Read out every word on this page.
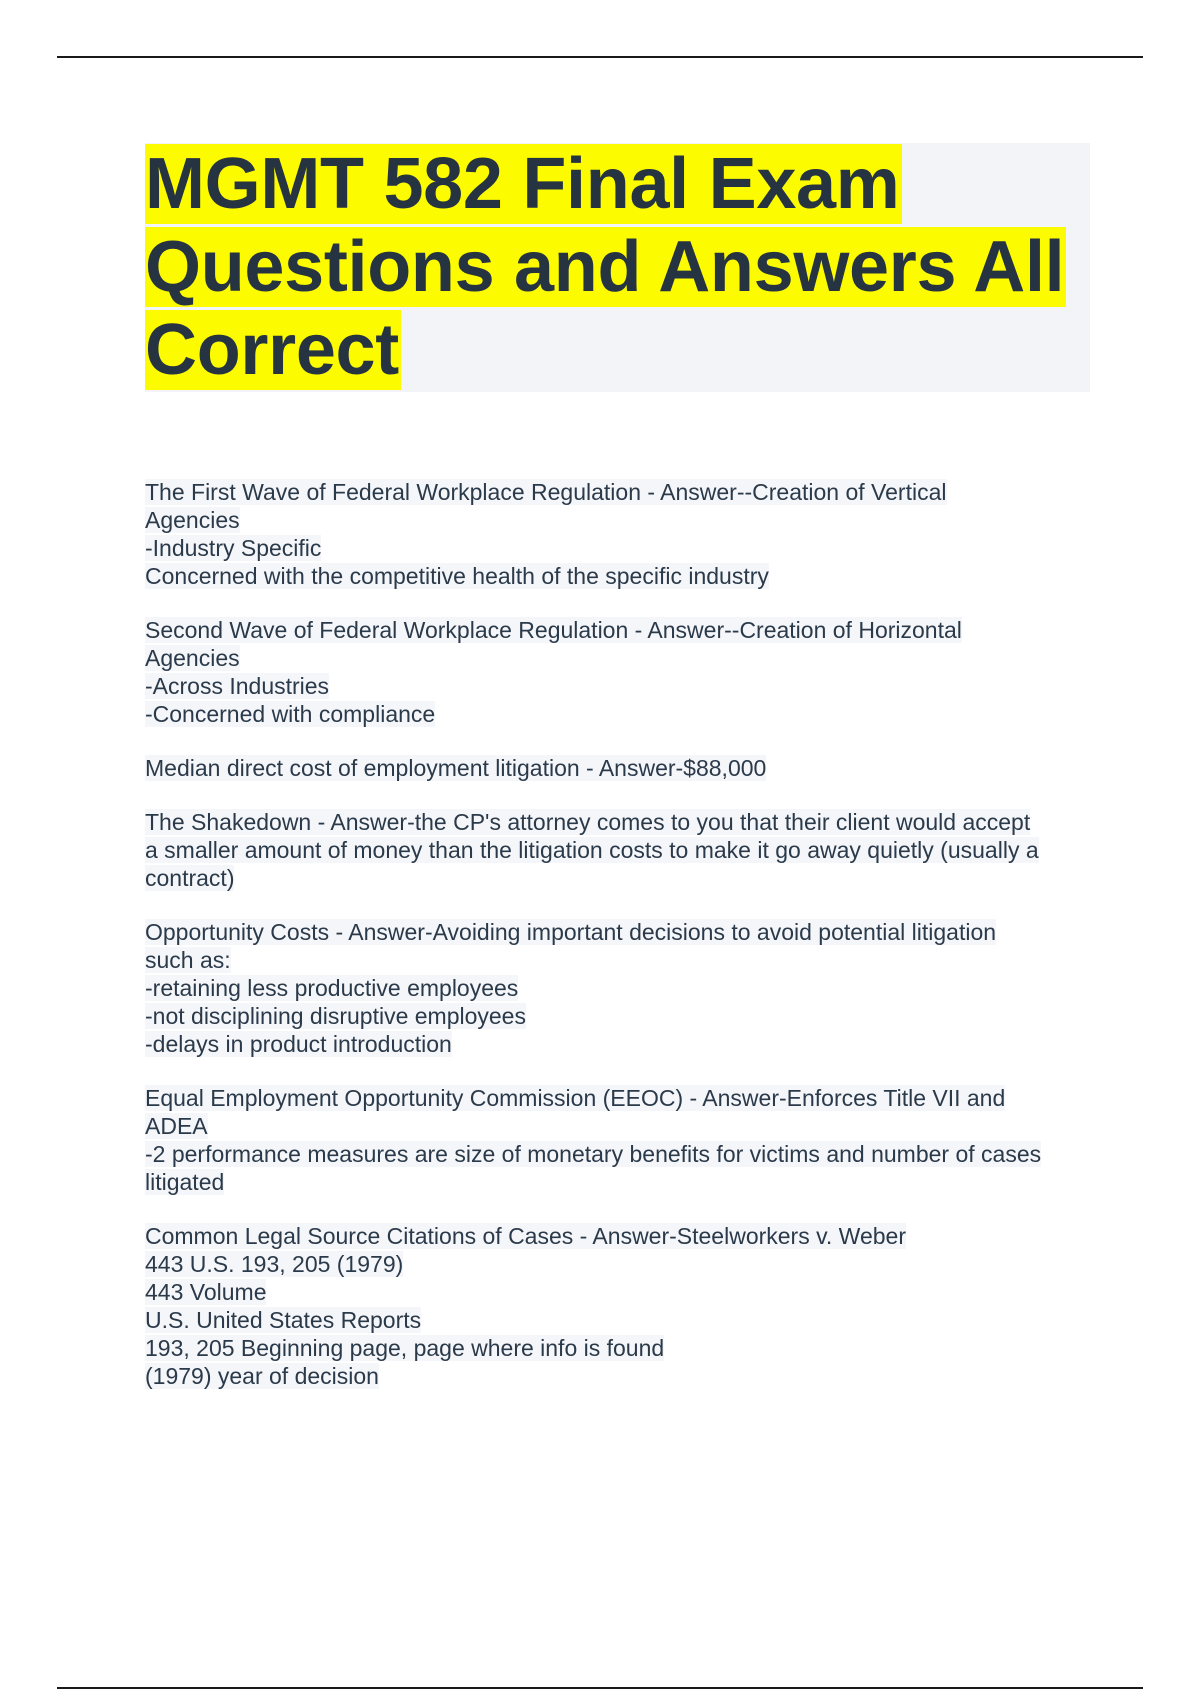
MGMT 582 Final Exam
Questions and Answers All
Correct

The First Wave of Federal Workplace Regulation - Answer--Creation of Vertical
Agencies
-Industry Specific
Concerned with the competitive health of the specific industry

Second Wave of Federal Workplace Regulation - Answer--Creation of Horizontal
Agencies
-Across Industries
-Concerned with compliance

Median direct cost of employment litigation - Answer-$88,000

The Shakedown - Answer-the CP's attorney comes to you that their client would accept
a smaller amount of money than the litigation costs to make it go away quietly (usually a
contract)

Opportunity Costs - Answer-Avoiding important decisions to avoid potential litigation
such as:
-retaining less productive employees
-not disciplining disruptive employees
-delays in product introduction

Equal Employment Opportunity Commission (EEOC) - Answer-Enforces Title VII and
ADEA
-2 performance measures are size of monetary benefits for victims and number of cases
litigated

Common Legal Source Citations of Cases - Answer-Steelworkers v. Weber
443 U.S. 193, 205 (1979)
443 Volume
U.S. United States Reports
193, 205 Beginning page, page where info is found
(1979) year of decision
